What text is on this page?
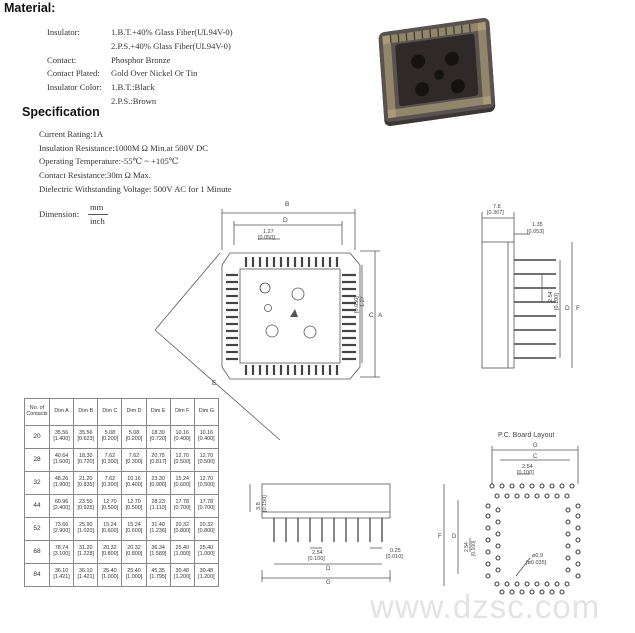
Material:
Insulator:	1.B.T.+40% Glass Fiber(UL94V-0)
2.P.S.+40% Glass Fiber(UL94V-0)
Contact:	Phosphor Bronze
Contact Plated: Gold Over Nickel Or Tin
Insulator Color: 1.B.T.:Black
2.P.S.:Brown
Specification
Current Rating:1A
Insulation Resistance:1000M Ω Min.at 500V DC
Operating Temperature:-55℃ ~ +105℃
Contact Resistance:30m Ω Max.
Dielectric Withstanding Voltage: 500V AC for 1 Minute
Dimension:
mm
inch
B
D
1.27
[0.050]
1.27
[0.050]
C A
E
7.8
[0.307]
1.35
[0.053]
2.54 [0.100] D F
No. of Contacts	Dim A	Dim B	Dim C	Dim D	Dim E	Dim F	Dim G
20	35.56 [1.400]	35.56 [0.623]	5.08 [0.200]	5.08 [0.200]	18.30 [0.720]	10.16 [0.400]	10.16 [0.400]
28	40.64 [1.600]	18.30 [0.720]	7.62 [0.300]	7.62 [0.300]	20.75 [0.817]	12.70 [0.500]	12.70 [0.500]
32	48.26 [1.900]	21.20 [0.835]	7.62 [0.300]	10.16 [0.400]	23.30 [0.906]	15.24 [0.600]	12.70 [0.500]
44	60.96 [2.400]	23.50 [0.925]	12.70 [0.500]	12.70 [0.500]	28.23 [1.110]	17.78 [0.700]	17.78 [0.700]
52	73.66 [2.900]	25.90 [1.020]	15.24 [0.600]	15.24 [0.600]	31.40 [1.236]	20.32 [0.800]	20.32 [0.800]
68	78.74 [3.100]	31.20 [1.228]	20.32 [0.800]	20.32 [0.800]	36.34 [1.589]	25.40 [1.000]	25.40 [1.000]
84	36.10 [1.421]	36.10 [1.421]	25.40 [1.000]	25.40 [1.000]	45.35 [1.795]	30.48 [1.200]	30.48 [1.200]
3.8 [0.150]
2.54
[0.100]
0.25
[0.010]
D
G
P.C. Board Layout
G
C
2.54
[0.100]
F D
2.54 [0.100]	ø0.9
[ø0.035]
www.dzsc.com
